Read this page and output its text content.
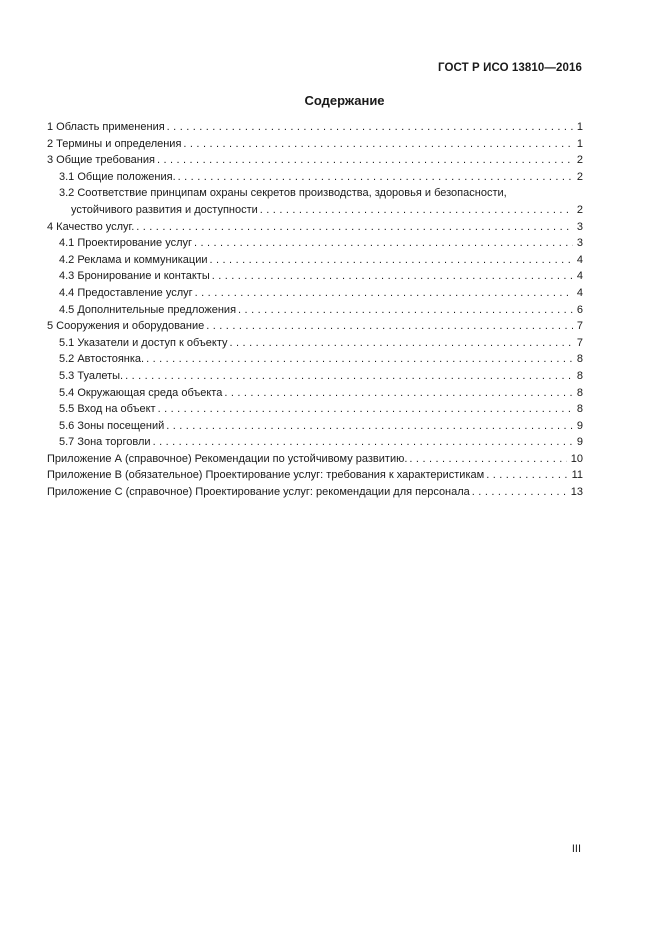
ГОСТ Р ИСО 13810—2016
Содержание
1 Область применения . . .	1
2 Термины и определения . . .	1
3 Общие требования . . .	2
3.1 Общие положения. . . .	2
3.2 Соответствие принципам охраны секретов производства, здоровья и безопасности,
устойчивого развития и доступности . . .	2
4 Качество услуг. . . .	3
4.1 Проектирование услуг . . .	3
4.2 Реклама и коммуникации . . .	4
4.3 Бронирование и контакты . . .	4
4.4 Предоставление услуг . . .	4
4.5 Дополнительные предложения . . .	6
5 Сооружения и оборудование . . .	7
5.1 Указатели и доступ к объекту . . .	7
5.2 Автостоянка. . . .	8
5.3 Туалеты. . . .	8
5.4 Окружающая среда объекта . . .	8
5.5 Вход на объект . . .	8
5.6 Зоны посещений . . .	9
5.7 Зона торговли . . .	9
Приложение А (справочное) Рекомендации по устойчивому развитию. . . .	10
Приложение В (обязательное) Проектирование услуг: требования к характеристикам . . .	11
Приложение С (справочное) Проектирование услуг: рекомендации для персонала . . .	13
III
